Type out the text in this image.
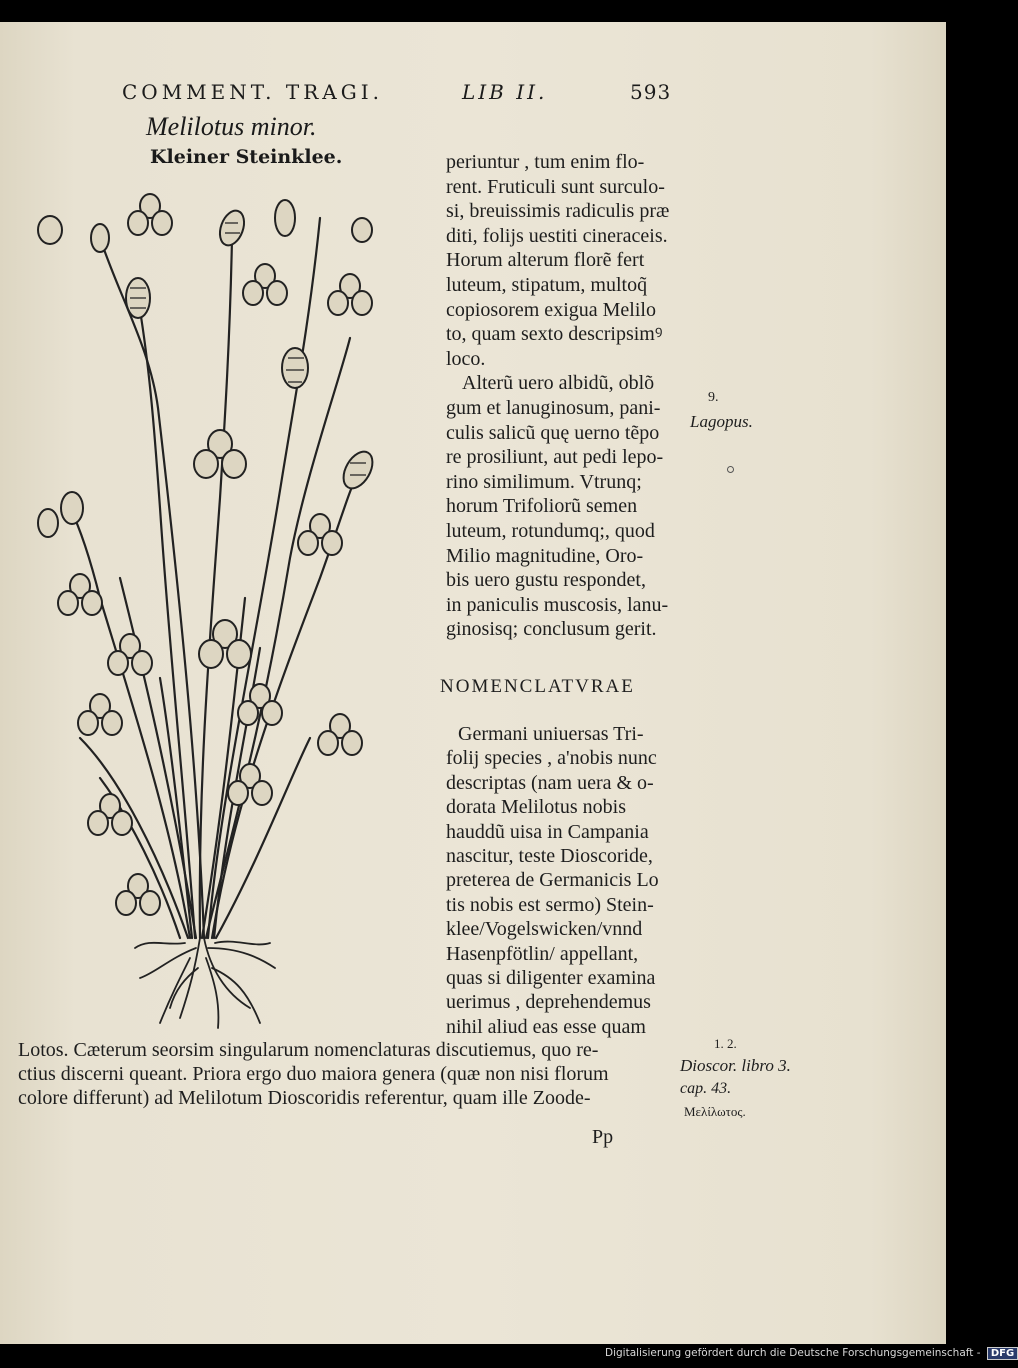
COMMENT. TRAGI.	LIB II.	593
Melilotus minor.
Kleiner Steinklee.	periuntur , tum enim flo-
rent. Fruticuli sunt surculo-
si, breuissimis radiculis præ
diti, folijs uestiti cineraceis.
Horum alterum florẽ fert
luteum, stipatum, multoq̃
copiosorem exigua Melilo
to, quam sexto descripsimꝰ
loco.
Alterũ uero albidũ, oblõ
gum et lanuginosum, pani-
culis salicũ quę uerno tẽpo
re prosiliunt, aut pedi lepo-
rino similimum. Vtrunq;
horum Trifoliorũ semen
luteum, rotundumq;, quod
Milio magnitudine, Oro-
bis uero gustu respondet,
in paniculis muscosis, lanu-
ginosisq; conclusum gerit.
NOMENCLATVRAE
Germani uniuersas Tri-
folij species , a'nobis nunc
descriptas (nam uera & o-
dorata Melilotus nobis
hauddũ uisa in Campania
nascitur, teste Dioscoride,
preterea de Germanicis Lo
tis nobis est sermo) Stein-
klee/Vogelswicken/vnnd
Hasenpfötlin/ appellant,
quas si diligenter examina
uerimus , deprehendemus
nihil aliud eas esse quam
Lotos. Cæterum seorsim singularum nomenclaturas discutiemus, quo re-
ctius discerni queant. Priora ergo duo maiora genera (quæ non nisi florum
colore differunt) ad Melilotum Dioscoridis referentur, quam ille Zoode-
Pp
9.
Lagopus.
1. 2.
Dioscor. libro 3.
cap. 43.
Μελίλωτος.
Digitalisierung gefördert durch die Deutsche Forschungsgemeinschaft - DFG
